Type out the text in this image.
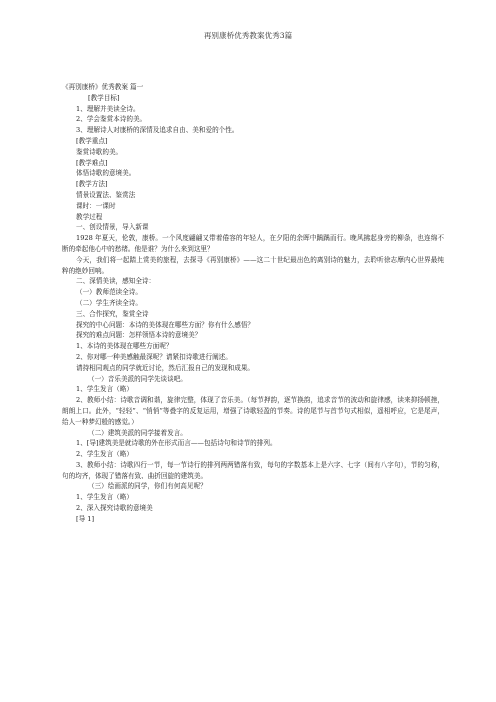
再别康桥优秀教案优秀3篇
《再别康桥》优秀教案 篇一
[教学目标]
1、理解并美读全诗。
2、学会鉴赏本诗的美。
3、理解诗人对康桥的深情及追求自由、美和爱的个性。
[教学重点]
鉴赏诗歌的美。
[教学难点]
体悟诗歌的意境美。
[教学方法]
情景设置法、鉴赏法
课时：一课时
教学过程
一、创设情景，导入新课
1928 年夏天，伦敦，康桥。一个风度翩翩又带着倦容的年轻人，在夕阳的余晖中踽踽而行。晚风拂起身旁的柳条，也连绵不断的牵起他心中的愁绪。他是谁？为什么来到这里？
今天，我们将一起踏上赏美的旅程，去探寻《再别康桥》——这二十世纪最出色的离别诗的魅力，去聆听徐志摩内心世界最纯粹的绝妙回响。
二、深情美读，感知全诗：
（一）教师范读全诗。
（二）学生齐读全诗。
三、合作探究，鉴赏全诗
探究的中心问题：本诗的美体现在哪些方面？你有什么感悟？
探究的难点问题：怎样领悟本诗的意境美？
1、本诗的美体现在哪些方面呢？
2、你对哪一种美感触最深呢？请紧扣诗歌进行阐述。
请持相同观点的同学就近讨论，然后汇报自己的发现和成果。
（一）音乐美派的同学先谈谈吧。
1、学生发言（略）
2、教师小结：诗歌音调和谐，旋律完整，体现了音乐美。（每节押韵，逐节换韵，追求音节的波动和旋律感，读来抑扬顿挫，朗朗上口。此外，“轻轻”、“悄悄”等叠字的反复运用，增强了诗歌轻盈的节奏。诗的尾节与首节句式相似，遥相呼应，它是尾声，给人一种梦幻般的感觉。）
（二）建筑美派的同学接着发言。
1、[导]建筑美是就诗歌的外在形式而言——包括诗句和诗节的排列。
2、学生发言（略）
3、教师小结：诗歌四行一节，每一节诗行的排列两两错落有致，每句的字数基本上是六字、七字（间有八字句），节的匀称，句的均齐，体现了错落有致、曲折回旋的建筑美。
（三）绘画派的同学，你们有何高见呢？
1、学生发言（略）
2、深入探究诗歌的意境美
[导 1]
